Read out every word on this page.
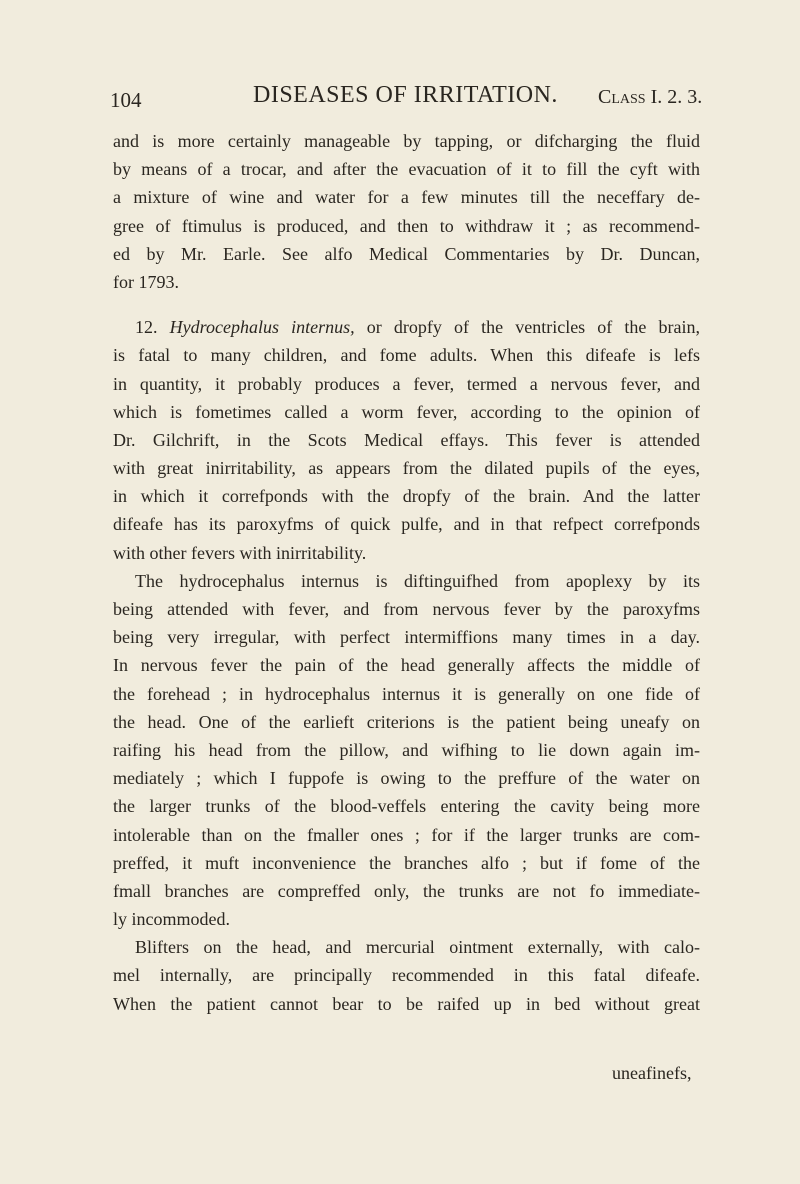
104	DISEASES OF IRRITATION. Class I. 2. 3.
and is more certainly manageable by tapping, or difcharging the fluid
by means of a trocar, and after the evacuation of it to fill the cyft with
a mixture of wine and water for a few minutes till the neceffary de-
gree of ftimulus is produced, and then to withdraw it ; as recommend-
ed by Mr. Earle. See alfo Medical Commentaries by Dr. Duncan,
for 1793.
12. Hydrocephalus internus, or dropfy of the ventricles of the brain,
is fatal to many children, and fome adults. When this difeafe is lefs
in quantity, it probably produces a fever, termed a nervous fever, and
which is fometimes called a worm fever, according to the opinion of
Dr. Gilchrift, in the Scots Medical effays. This fever is attended
with great inirritability, as appears from the dilated pupils of the eyes,
in which it correfponds with the dropfy of the brain. And the latter
difeafe has its paroxyfms of quick pulfe, and in that refpect correfponds
with other fevers with inirritability.
The hydrocephalus internus is diftinguifhed from apoplexy by its
being attended with fever, and from nervous fever by the paroxyfms
being very irregular, with perfect intermiffions many times in a day.
In nervous fever the pain of the head generally affects the middle of
the forehead ; in hydrocephalus internus it is generally on one fide of
the head. One of the earlieft criterions is the patient being uneafy on
raifing his head from the pillow, and wifhing to lie down again im-
mediately ; which I fuppofe is owing to the preffure of the water on
the larger trunks of the blood-veffels entering the cavity being more
intolerable than on the fmaller ones ; for if the larger trunks are com-
preffed, it muft inconvenience the branches alfo ; but if fome of the
fmall branches are compreffed only, the trunks are not fo immediate-
ly incommoded.
Blifters on the head, and mercurial ointment externally, with calo-
mel internally, are principally recommended in this fatal difeafe.
When the patient cannot bear to be raifed up in bed without great
uneafinefs,
